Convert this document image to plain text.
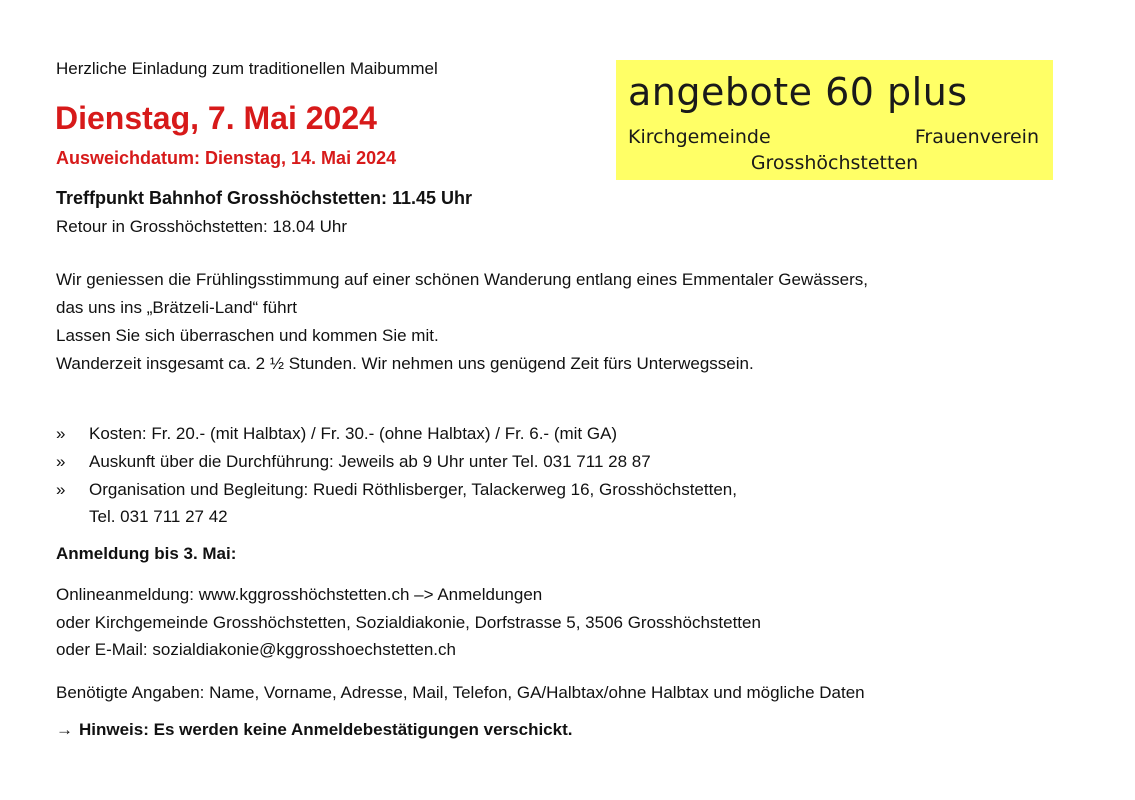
Herzliche Einladung zum traditionellen Maibummel
Dienstag, 7. Mai 2024
Ausweichdatum: Dienstag, 14. Mai 2024
Treffpunkt Bahnhof Grosshöchstetten: 11.45 Uhr
Retour in Grosshöchstetten: 18.04 Uhr
Wir geniessen die Frühlingsstimmung auf einer schönen Wanderung entlang eines Emmentaler Gewässers,
das uns ins „Brätzeli-Land“ führt
Lassen Sie sich überraschen und kommen Sie mit.
Wanderzeit insgesamt ca. 2 ½ Stunden. Wir nehmen uns genügend Zeit fürs Unterwegssein.
» Kosten: Fr. 20.- (mit Halbtax) / Fr. 30.- (ohne Halbtax) / Fr. 6.- (mit GA)
» Auskunft über die Durchführung: Jeweils ab 9 Uhr unter Tel. 031 711 28 87
» Organisation und Begleitung: Ruedi Röthlisberger, Talackerweg 16, Grosshöchstetten,
Tel. 031 711 27 42
Anmeldung bis 3. Mai:
Onlineanmeldung: www.kggrosshöchstetten.ch –> Anmeldungen
oder Kirchgemeinde Grosshöchstetten, Sozialdiakonie, Dorfstrasse 5, 3506 Grosshöchstetten
oder E-Mail: sozialdiakonie@kggrosshoechstetten.ch
Benötigte Angaben: Name, Vorname, Adresse, Mail, Telefon, GA/Halbtax/ohne Halbtax und mögliche Daten
→ Hinweis: Es werden keine Anmeldebestätigungen verschickt.
angebote 60 plus
Kirchgemeinde	Frauenverein
Grosshöchstetten
